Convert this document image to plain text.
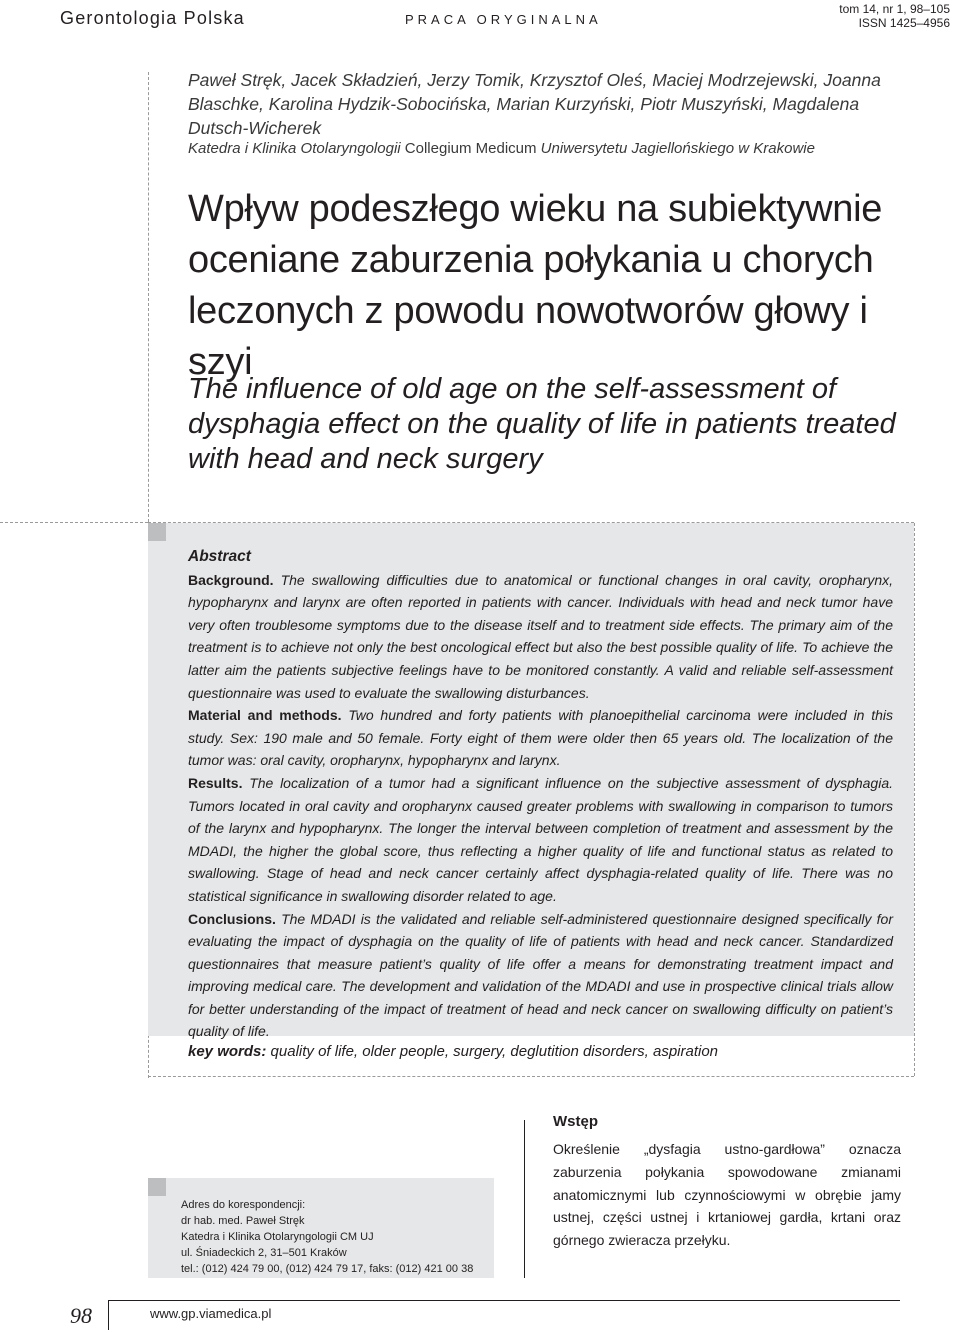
Gerontologia Polska	PRACA ORYGINALNA
tom 14, nr 1, 98–105
ISSN 1425–4956
Paweł Stręk, Jacek Składzień, Jerzy Tomik, Krzysztof Oleś, Maciej Modrzejewski, Joanna Blaschke, Karolina Hydzik-Sobocińska, Marian Kurzyński, Piotr Muszyński, Magdalena Dutsch-Wicherek
Katedra i Klinika Otolaryngologii Collegium Medicum Uniwersytetu Jagiellońskiego w Krakowie
Wpływ podeszłego wieku na subiektywnie oceniane zaburzenia połykania u chorych leczonych z powodu nowotworów głowy i szyi
The influence of old age on the self-assessment of dysphagia effect on the quality of life in patients treated with head and neck surgery
Abstract

Background. The swallowing difficulties due to anatomical or functional changes in oral cavity, oropharynx, hypopharynx and larynx are often reported in patients with cancer. Individuals with head and neck tumor have very often troublesome symptoms due to the disease itself and to treatment side effects. The primary aim of the treatment is to achieve not only the best oncological effect but also the best possible quality of life. To achieve the latter aim the patients subjective feelings have to be monitored constantly. A valid and reliable self-assessment questionnaire was used to evaluate the swallowing disturbances.

Material and methods. Two hundred and forty patients with planoepithelial carcinoma were included in this study. Sex: 190 male and 50 female. Forty eight of them were older then 65 years old. The localization of the tumor was: oral cavity, oropharynx, hypopharynx and larynx.

Results. The localization of a tumor had a significant influence on the subjective assessment of dysphagia. Tumors located in oral cavity and oropharynx caused greater problems with swallowing in comparison to tumors of the larynx and hypopharynx. The longer the interval between completion of treatment and assessment by the MDADI, the higher the global score, thus reflecting a higher quality of life and functional status as related to swallowing. Stage of head and neck cancer certainly affect dysphagia-related quality of life. There was no statistical significance in swallowing disorder related to age.

Conclusions. The MDADI is the validated and reliable self-administered questionnaire designed specifically for evaluating the impact of dysphagia on the quality of life of patients with head and neck cancer. Standardized questionnaires that measure patient’s quality of life offer a means for demonstrating treatment impact and improving medical care. The development and validation of the MDADI and use in prospective clinical trials allow for better understanding of the impact of treatment of head and neck cancer on swallowing difficulty on patient’s quality of life.

key words: quality of life, older people, surgery, deglutition disorders, aspiration
Adres do korespondencji:
dr hab. med. Paweł Stręk
Katedra i Klinika Otolaryngologii CM UJ
ul. Śniadeckich 2, 31–501 Kraków
tel.: (012) 424 79 00, (012) 424 79 17, faks: (012) 421 00 38
Wstęp
Określenie „dysfagia ustno-gardłowa” oznacza zaburzenia połykania spowodowane zmianami anatomicznymi lub czynnościowymi w obrębie jamy ustnej, części ustnej i krtaniowej gardła, krtani oraz górnego zwieracza przełyku.
98	www.gp.viamedica.pl
